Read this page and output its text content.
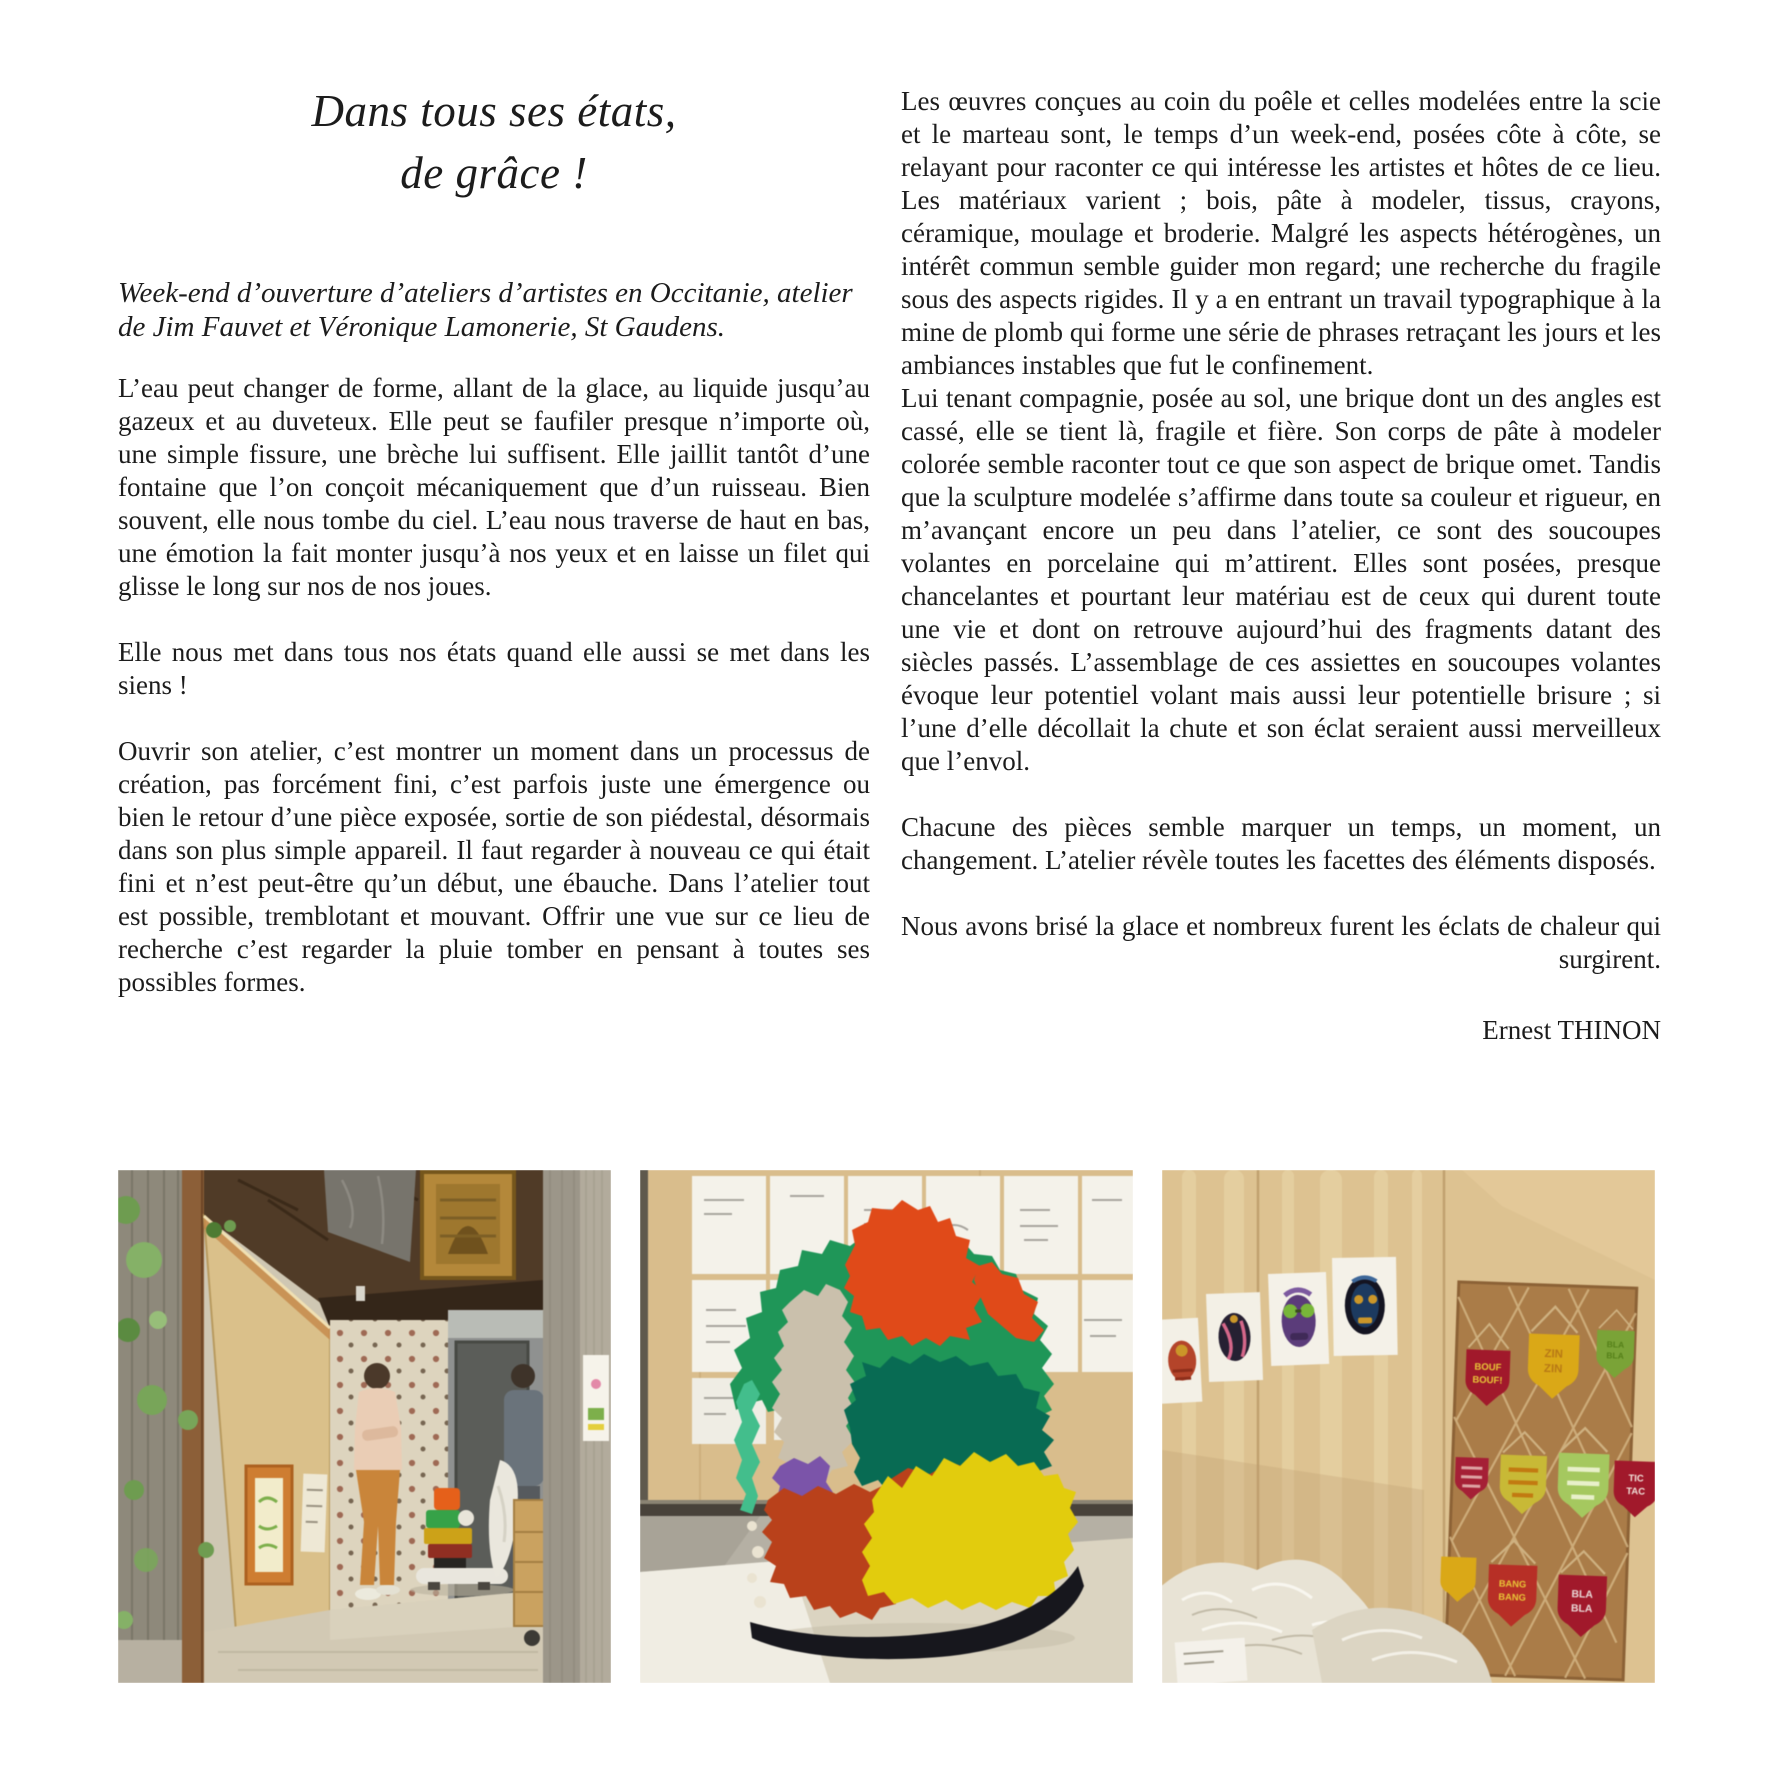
Dans tous ses états,
de grâce !

Week-end d’ouverture d’ateliers d’artistes en Occitanie, atelier de Jim Fauvet et Véronique Lamonerie, St Gaudens.

L’eau peut changer de forme, allant de la glace, au liquide jusqu’au gazeux et au duveteux. Elle peut se faufiler presque n’importe où, une simple fissure, une brèche lui suffisent. Elle jaillit tantôt d’une fontaine que l’on conçoit mécaniquement que d’un ruisseau. Bien souvent, elle nous tombe du ciel. L’eau nous traverse de haut en bas, une émotion la fait monter jusqu’à nos yeux et en laisse un filet qui glisse le long sur nos de nos joues.

Elle nous met dans tous nos états quand elle aussi se met dans les siens !

Ouvrir son atelier, c’est montrer un moment dans un processus de création, pas forcément fini, c’est parfois juste une émergence ou bien le retour d’une pièce exposée, sortie de son piédestal, désormais dans son plus simple appareil. Il faut regarder à nouveau ce qui était fini et n’est peut-être qu’un début, une ébauche. Dans l’atelier tout est possible, tremblotant et mouvant. Offrir une vue sur ce lieu de recherche c’est regarder la pluie tomber en pensant à toutes ses possibles formes.

Les œuvres conçues au coin du poêle et celles modelées entre la scie et le marteau sont, le temps d’un week-end, posées côte à côte, se relayant pour raconter ce qui intéresse les artistes et hôtes de ce lieu. Les matériaux varient ; bois, pâte à modeler, tissus, crayons, céramique, moulage et broderie. Malgré les aspects hétérogènes, un intérêt commun semble guider mon regard; une recherche du fragile sous des aspects rigides. Il y a en entrant un travail typographique à la mine de plomb qui forme une série de phrases retraçant les jours et les ambiances instables que fut le confinement.

Lui tenant compagnie, posée au sol, une brique dont un des angles est cassé, elle se tient là, fragile et fière. Son corps de pâte à modeler colorée semble raconter tout ce que son aspect de brique omet. Tandis que la sculpture modelée s’affirme dans toute sa couleur et rigueur, en m’avançant encore un peu dans l’atelier, ce sont des soucoupes volantes en porcelaine qui m’attirent. Elles sont posées, presque chancelantes et pourtant leur matériau est de ceux qui durent toute une vie et dont on retrouve aujourd’hui des fragments datant des siècles passés. L’assemblage de ces assiettes en soucoupes volantes évoque leur potentiel volant mais aussi leur potentielle brisure ; si l’une d’elle décollait la chute et son éclat seraient aussi merveilleux que l’envol.

Chacune des pièces semble marquer un temps, un moment, un changement. L’atelier révèle toutes les facettes des éléments disposés.

Nous avons brisé la glace et nombreux furent les éclats de chaleur qui surgirent.

Ernest THINON

BOUF
BOUF!
ZIN
ZIN
BLA
BLA
TIC
TAC
BANG
BANG	BLA
BLA
